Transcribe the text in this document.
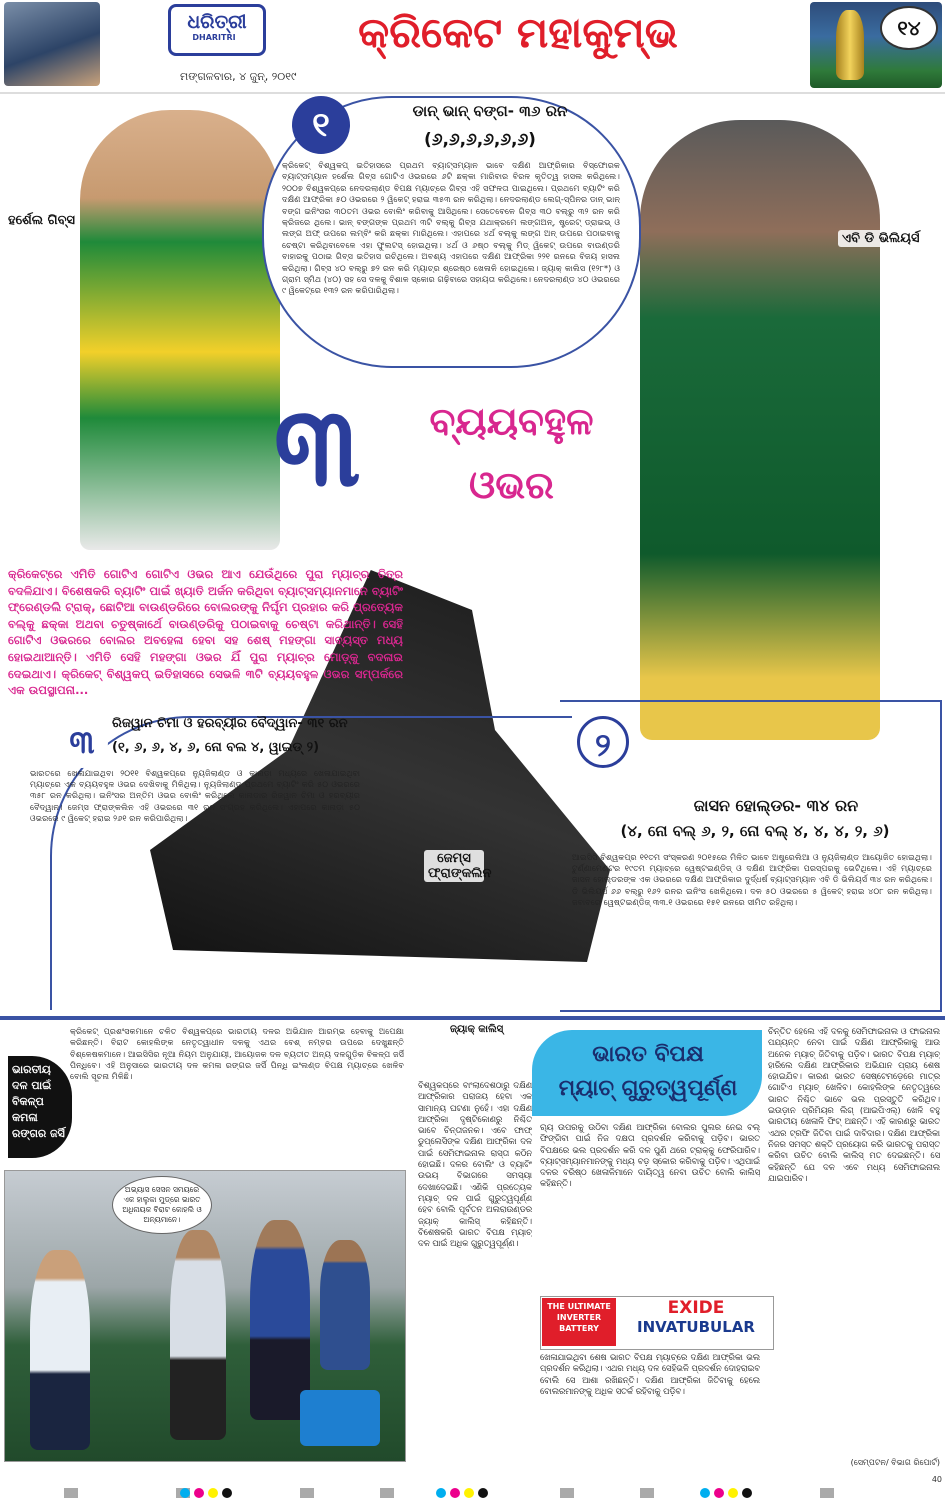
ଧରିତ୍ରୀ
DHARITRI	କ୍ରିକେଟ ମହାକୁମ୍ଭ
ମଙ୍ଗଳବାର, ୪ ଜୁନ୍, ୨୦୧୯
୧୪
ହର୍ଶେଲ ଗିବ୍ସ
ଏବି ଡି ଭିଲିୟର୍ସ
ଜେମ୍ସ ଫ୍ରାଙ୍କଲିନ
୧	ଡାନ୍ ଭାନ୍ ବଙ୍ଗ- ୩୬ ରନ
(୬,୬,୬,୬,୬,୬)
କ୍ରିକେଟ୍ ବିଶ୍ୱକପ୍ ଇତିହାସରେ ପ୍ରଥମ ବ୍ୟାଟ୍ସମ୍ୟାନ ଭାବେ ଦକ୍ଷିଣ ଆଫ୍ରିକାର ବିସ୍ଫୋରକ ବ୍ୟାଟ୍ସମ୍ୟାନ ହର୍ଶେଲ ଗିବ୍ସ ଗୋଟିଏ ଓଭରରେ ୬ଟି ଛକ୍କା ମାରିବାର ବିରଳ କୃତିତ୍ୱ ହାସଲ କରିଥିଲେ। ୨୦୦୭ ବିଶ୍ୱକପ୍‌ରେ ନେଦରଲାଣ୍ଡ ବିପକ୍ଷ ମ୍ୟାଚ୍‌ରେ ଗିବ୍ସ ଏହି ସଫଳତା ପାଇଥିଲେ। ପ୍ରଥମେ ବ୍ୟାଟିଂ କରି ଦକ୍ଷିଣ ଆଫ୍ରିକା ୫୦ ଓଭରରେ ୨ ୱିକେଟ୍ ହରାଇ ୩୫୩ ରନ କରିଥିଲା। ନେଦରଲାଣ୍ଡ ଲେଗ୍-ସ୍ପିନର ଡାନ୍ ଭାନ୍ ବଙ୍ଗ ଇନିଂସର ୩୦ତମ ଓଭର ବୋଲିଂ କରିବାକୁ ଆସିଥିଲେ। ସେତେବେଳେ ଗିବ୍ସ ୩୦ ବଲ୍‌ରୁ ୩୨ ରନ କରି କ୍ରିଜରେ ଥିଲେ। ଭାନ୍ ବଙ୍ଗଙ୍କ ପ୍ରଥମ ୩ଟି ବଲ୍‌କୁ ଗିବ୍ସ ଯଥାକ୍ରମେ ଲଙ୍ଗଅନ୍, ଷ୍ଟ୍ରେଟ୍ ଡ୍ରାଇଭ୍ ଓ ଲଙ୍ଗ ଅଫ୍ ଉପରେ ଲମ୍ବିଂ କରି ଛକ୍କା ମାରିଥିଲେ। ଏହାପରେ ୪ର୍ଥ ବଲ୍‌କୁ ଲଙ୍ଗ ଅନ୍ ଉପରେ ପଠାଇବାକୁ ଚେଷ୍ଟା କରିଥିବାବେଳେ ଏହା ଫୁଲଟସ୍ ହୋଇଥିଲା। ୪ର୍ଥ ଓ ୬ଷ୍ଠ ବଲ୍‌କୁ ମିଡ୍ ୱିକେଟ୍ ଉପରେ ବାଉଣ୍ଡରି ବାହାରକୁ ପଠାଇ ଗିବ୍ସ ଇତିହାସ ରଚିଥିଲେ। ଅବଶ୍ୟ ଏହାପରେ ଦକ୍ଷିଣ ଆଫ୍ରିକା ୨୨୧ ରନରେ ବିଜୟ ହାସଲ କରିଥିଲା। ଗିବ୍ସ ୪୦ ବଲ୍‌ରୁ ୭୨ ରନ କରି ମ୍ୟାଚ୍‌ର ଶ୍ରେଷ୍ଠ ଖେଳାଳି ହୋଇଥିଲେ। ଜ୍ୟାକ୍ କାଲିସ (୧୨୮*) ଓ ଗ୍ରାମ ସ୍ମିଥ (୪୦) ସହ ସେ ଦଳକୁ ବିଶାଳ ସ୍କୋର ଗଢ଼ିବାରେ ସହାୟତା କରିଥିଲେ। ନେଦରଲାଣ୍ଡ ୪୦ ଓଭରରେ ୯ ୱିକେଟ୍‌ରେ ୧୩୨ ରନ କରିପାରିଥିଲା।
୩	ବ୍ୟୟବହୁଳ
ଓଭର
କ୍ରିକେଟ୍‌ରେ ଏମିତି ଗୋଟିଏ ଗୋଟିଏ ଓଭର ଆଏ ଯେଉଁଥିରେ ପୁରା ମ୍ୟାଚ୍‌ର ଚିତ୍ର ବଦଳିଯାଏ। ବିଶେଷକରି ବ୍ୟାଟିଂ ପାଇଁ ଖ୍ୟାତି ଅର୍ଜନ କରିଥିବା ବ୍ୟାଟ୍ସମ୍ୟାନମାନେ ବ୍ୟାଟିଂ ଫ୍ରେଣ୍ଡଲି ଟ୍ରାକ୍, ଛୋଟିଆ ବାଉଣ୍ଡରିରେ ବୋଲରଙ୍କୁ ନିର୍ଘୃମ ପ୍ରହାର କରି ପ୍ରତ୍ୟେକ ବଲ୍‌କୁ ଛକ୍କା ଅଥବା ଚତୁଷ୍କାର୍ଥେ ବାଉଣ୍ଡରିକୁ ପଠାଇବାକୁ ଚେଷ୍ଟା କରିଥାନ୍ତି। ସେହି ଗୋଟିଏ ଓଭରରେ ବୋଲର ଅବହେଳା ହେବା ସହ ଶେଷ୍‌ ମହଙ୍ଗା ସାବ୍ୟସ୍ତ ମଧ୍ୟ ହୋଇଥାଆନ୍ତି। ଏମିତି ସେହି ମହଙ୍ଗା ଓଭର ଯିଁ ପୁରା ମ୍ୟାଚ୍‌ର ମୋଡ଼୍‌କୁ ବଦଳାଇ ଦେଇଥାଏ। କ୍ରିକେଟ୍ ବିଶ୍ୱକପ୍ ଇତିହାସରେ ସେଭଳି ୩ଟି ବ୍ୟୟବହୁଳ ଓଭର ସମ୍ପର୍କରେ ଏକ ଉପସ୍ଥାପନା...
୩	ରିଜୱାନ ଚିମା ଓ ହରବ୍ୟୀର ବୈଦ୍ୱାନ- ୩୧ ରନ
(୧, ୬, ୬, ୪, ୬, ନୋ ବଲ ୪, ୱାଇଡ୍ ୨)
ଭାରତରେ ଖେଳାଯାଇଥିବା ୨୦୧୧ ବିଶ୍ୱକପ୍‌ରେ ନ୍ୟୁଜିଲାଣ୍ଡ ଓ କାନାଡ଼ା ମଧ୍ୟରେ ଖେଳାଯାଇଥିବା ମ୍ୟାଚ୍‌ରେ ଏକ ବ୍ୟୟବହୁଳ ଓଭର ଦେଖିବାକୁ ମିଳିଥିଲା। ନ୍ୟୁଜିଲାଣ୍ଡ ପ୍ରଥମେ ବ୍ୟାଟିଂ କରି ୫୦ ଓଭରରେ ୩୫୮ ରନ କରିଥିଲା। ଇନିଂସର ଅନ୍ତିମ ଓଭର ବୋଲିଂ କରିଥିଲେ କାନାଡ଼ାର ରିଜୱାନ ଚିମା ଓ ହରବ୍ୟୀର ବୈଦ୍ୱାନ। ଜେମ୍ସ ଫ୍ରାଙ୍କଲିନ ଏହି ଓଭରରେ ୩୧ ରନ ସଂଗ୍ରହ କରିଥିଲେ। ଏହାପରେ କାନାଡ଼ା ୫୦ ଓଭରରେ ୯ ୱିକେଟ୍ ହରାଇ ୨୬୧ ରନ କରିପାରିଥିଲା।
୨
ଜାସନ ହୋଲ୍ଡର- ୩୪ ରନ
(୪, ନୋ ବଲ୍ ୬, ୨, ନୋ ବଲ୍ ୪, ୪, ୪, ୨, ୬)
ଆଇସିସି ବିଶ୍ୱକପ୍‌ର ୧୧ତମ ସଂସ୍କରଣ ୨୦୧୫ରେ ମିଳିତ ଭାବେ ଅଷ୍ଟ୍ରେଲିଆ ଓ ନ୍ୟୁଜିଲାଣ୍ଡ ଆୟୋଜିତ ହୋଇଥିଲା। ଟୁର୍ଣ୍ଣାମେଣ୍ଟର ୧୯ତମ ମ୍ୟାଚ୍‌ରେ ୱେଷ୍ଟଇଣ୍ଡିଜ୍ ଓ ଦକ୍ଷିଣ ଆଫ୍ରିକା ପରସ୍ପରକୁ ଭେଟିଥିଲେ। ଏହି ମ୍ୟାଚ୍‌ରେ ଜାସନ ହୋଲ୍ଡରଙ୍କ ଏକ ଓଭରରେ ଦକ୍ଷିଣ ଆଫ୍ରିକାର ଦୁର୍ଦ୍ଧର୍ଷ ବ୍ୟାଟ୍ସମ୍ୟାନ ଏବି ଡି ଭିଲିୟର୍ସ ୩୪ ରନ କରିଥିଲେ। ଡି ଭିଲିୟର୍ସ ୬୬ ବଲ୍‌ରୁ ୧୬୨ ରନର ଇନିଂସ ଖେଳିଥିଲେ। ଦଳ ୫୦ ଓଭରରେ ୫ ୱିକେଟ୍ ହରାଇ ୪୦୮ ରନ କରିଥିଲା। ଜବାବରେ ୱେଷ୍ଟଇଣ୍ଡିଜ୍ ୩୩.୧ ଓଭରରେ ୧୫୧ ରନରେ ସୀମିତ ରହିଥିଲା।
ଭାରତୀୟ ଦଳ ପାଇଁ ବିକଳ୍ପ କମଳା ରଙ୍ଗର ଜର୍ସି
କ୍ରିକେଟ୍ ପ୍ରଶଂସକମାନେ ଚଳିତ ବିଶ୍ୱକପ୍‌ରେ ଭାରତୀୟ ଦଳର ଅଭିଯାନ ଆରମ୍ଭ ହେବାକୁ ଅପେକ୍ଷା କରିଛନ୍ତି। ବିରାଟ କୋହଲିଙ୍କ ନେତୃତ୍ୱାଧୀନ ଦଳକୁ ଏଥର ବେଶ୍ ନମ୍ବର ଉପରେ ଦେଖୁଛନ୍ତି ବିଶ୍ଳେଷକମାନେ। ଆଇସିସିର ନୂଆ ନିୟମ ଅନୁଯାୟୀ, ଆୟୋଜକ ଦଳ ବ୍ୟତୀତ ଅନ୍ୟ ଦଳଗୁଡ଼ିକ ବିକଳ୍ପ ଜର୍ସି ପିନ୍ଧିବେ। ଏହି ଅନୁସାରେ ଭାରତୀୟ ଦଳ କମଳା ରଙ୍ଗର ଜର୍ସି ପିନ୍ଧି ଇଂଲଣ୍ଡ ବିପକ୍ଷ ମ୍ୟାଚ୍‌ରେ ଖେଳିବ ବୋଲି ସୂଚନା ମିଳିଛି।
ଅଭ୍ୟାସ ସେସନ ସମୟରେ ଏକ ହାଲୁକା ମୁଡ୍‌ରେ ଭାରତ ଅଧିନାୟକ ବିରାଟ କୋହଲି ଓ ଅନ୍ୟମାନେ।
ଜ୍ୟାକ୍ କାଲିସ୍
ଭାରତ ବିପକ୍ଷ
ମ୍ୟାଚ୍ ଗୁରୁତ୍ୱପୂର୍ଣ୍ଣ
ବିଶ୍ୱକପ୍‌ରେ ବାଂଲାଦେଶଠାରୁ ଦକ୍ଷିଣ ଆଫ୍ରିକାର ପରାଜୟ ହେବା ଏକ ସାମାନ୍ୟ ଘଟଣା ନୁହେଁ। ଏହା ଦକ୍ଷିଣ ଆଫ୍ରିକା ଦୃଷ୍ଟିକୋଣରୁ ନିଶ୍ଚିତ ଭାବେ ଚିନ୍ତାଜନକ। ଏବେ ଫାଫ୍ ଡୁପ୍ଲେସିଙ୍କ ଦକ୍ଷିଣ ଆଫ୍ରିକା ଦଳ ପାଇଁ ସେମିଫାଇନାଲ ରାସ୍ତା କଠିନ ହୋଇଛି। ଦଳର ବୋଲିଂ ଓ ବ୍ୟାଟିଂ ଉଭୟ ବିଭାଗରେ ସମସ୍ୟା ଦେଖାଦେଇଛି। ଏଣିକି ପ୍ରତ୍ୟେକ ମ୍ୟାଚ୍ ଦଳ ପାଇଁ ଗୁରୁତ୍ୱପୂର୍ଣ୍ଣ ହେବ ବୋଲି ପୂର୍ବତନ ଅଲରାଉଣ୍ଡର ଜ୍ୟାକ୍ କାଲିସ୍ କହିଛନ୍ତି। ବିଶେଷକରି ଭାରତ ବିପକ୍ଷ ମ୍ୟାଚ୍ ଦଳ ପାଇଁ ଅଧିକ ଗୁରୁତ୍ୱପୂର୍ଣ୍ଣ।
ୠ୍ୟ ଉପରକୁ ଉଠିବା ଦକ୍ଷିଣ ଆଫ୍ରିକା ବୋଲର ପୁଲର ନେଇ ବଲ୍ ଫିଙ୍ଗିବା ପାଇଁ ନିଜ ଦକ୍ଷତା ପ୍ରଦର୍ଶନ କରିବାକୁ ପଡ଼ିବ। ଭାରତ ବିପକ୍ଷରେ ଭଲ ପ୍ରଦର୍ଶନ କରି ଦଳ ପୁଣି ଥରେ ଟ୍ରାକ୍‌କୁ ଫେରିପାରିବ। ବ୍ୟାଟ୍ସମ୍ୟାନମାନଙ୍କୁ ମଧ୍ୟ ବଡ଼ ସ୍କୋର କରିବାକୁ ପଡ଼ିବ। ଏଥିପାଇଁ ଦଳର ବରିଷ୍ଠ ଖେଳାଳିମାନେ ଦାୟିତ୍ୱ ନେବା ଉଚିତ ବୋଲି କାଲିସ୍ କହିଛନ୍ତି।
THE ULTIMATE INVERTER BATTERY
EXIDE
INVATUBULAR
ଖେଳାଯାଇଥିବା ଶେଷ ଭାରତ ବିପକ୍ଷ ମ୍ୟାଚ୍‌ରେ ଦକ୍ଷିଣ ଆଫ୍ରିକା ଭଲ ପ୍ରଦର୍ଶନ କରିଥିଲା। ଏଥର ମଧ୍ୟ ଦଳ ସେହିଭଳି ପ୍ରଦର୍ଶନ ଦୋହରାଇବ ବୋଲି ସେ ଆଶା ରଖିଛନ୍ତି। ଦକ୍ଷିଣ ଆଫ୍ରିକା ଜିତିବାକୁ ହେଲେ ବୋଲରମାନଙ୍କୁ ଅଧିକ ସତର୍କ ରହିବାକୁ ପଡ଼ିବ।
ଚିନ୍ତିତ ହେଲେ ଏହି ଦଳକୁ ସେମିଫାଇନାଲ ଓ ଫାଇନାଲ ପଯ୍ୟନ୍ତ ନେବା ପାଇଁ ଦକ୍ଷିଣ ଆଫ୍ରିକାକୁ ଆଉ ଅନେକ ମ୍ୟାଚ୍ ଜିତିବାକୁ ପଡ଼ିବ। ଭାରତ ବିପକ୍ଷ ମ୍ୟାଚ୍ ହାରିଲେ ଦକ୍ଷିଣ ଆଫ୍ରିକାର ଅଭିଯାନ ପ୍ରାୟ ଶେଷ ହୋଇଯିବ। କାରଣ ଭାରତ ସେଷ୍ଟେମଡ଼େରେ ମାତ୍ର ଗୋଟିଏ ମ୍ୟାଚ୍ ଖେଳିବ। କୋହଲିଙ୍କ ନେତୃତ୍ୱରେ ଭାରତ ନିଶ୍ଚିତ ଭାବେ ଭଲ ପ୍ରସ୍ତୁତି କରିଥିବ। ଇଉଡ଼ାନ ପ୍ରିମିୟର ଲିଗ୍ (ଆଇପିଏଲ୍) ଖେଳି ବହୁ ଭାରତୀୟ ଖେଳାଳି ଫିଟ୍ ଅଛନ୍ତି। ଏହି କାରଣରୁ ଭାରତ ଏଥର ଟ୍ରଫି ଜିତିବା ପାଇଁ ଦାବିଦାର। ଦକ୍ଷିଣ ଆଫ୍ରିକା ନିଜର ସମସ୍ତ ଶକ୍ତି ପ୍ରୟୋଗ କରି ଭାରତକୁ ପରାସ୍ତ କରିବା ଉଚିତ ବୋଲି କାଲିସ୍ ମତ ଦେଇଛନ୍ତି। ସେ କହିଛନ୍ତି ଯେ ଦଳ ଏବେ ମଧ୍ୟ ସେମିଫାଇନାଲ ଯାଇପାରିବ।
(ସେମ୍ପଟନ/ ବିଭାଗ ରିପୋର୍ଟ)
40
